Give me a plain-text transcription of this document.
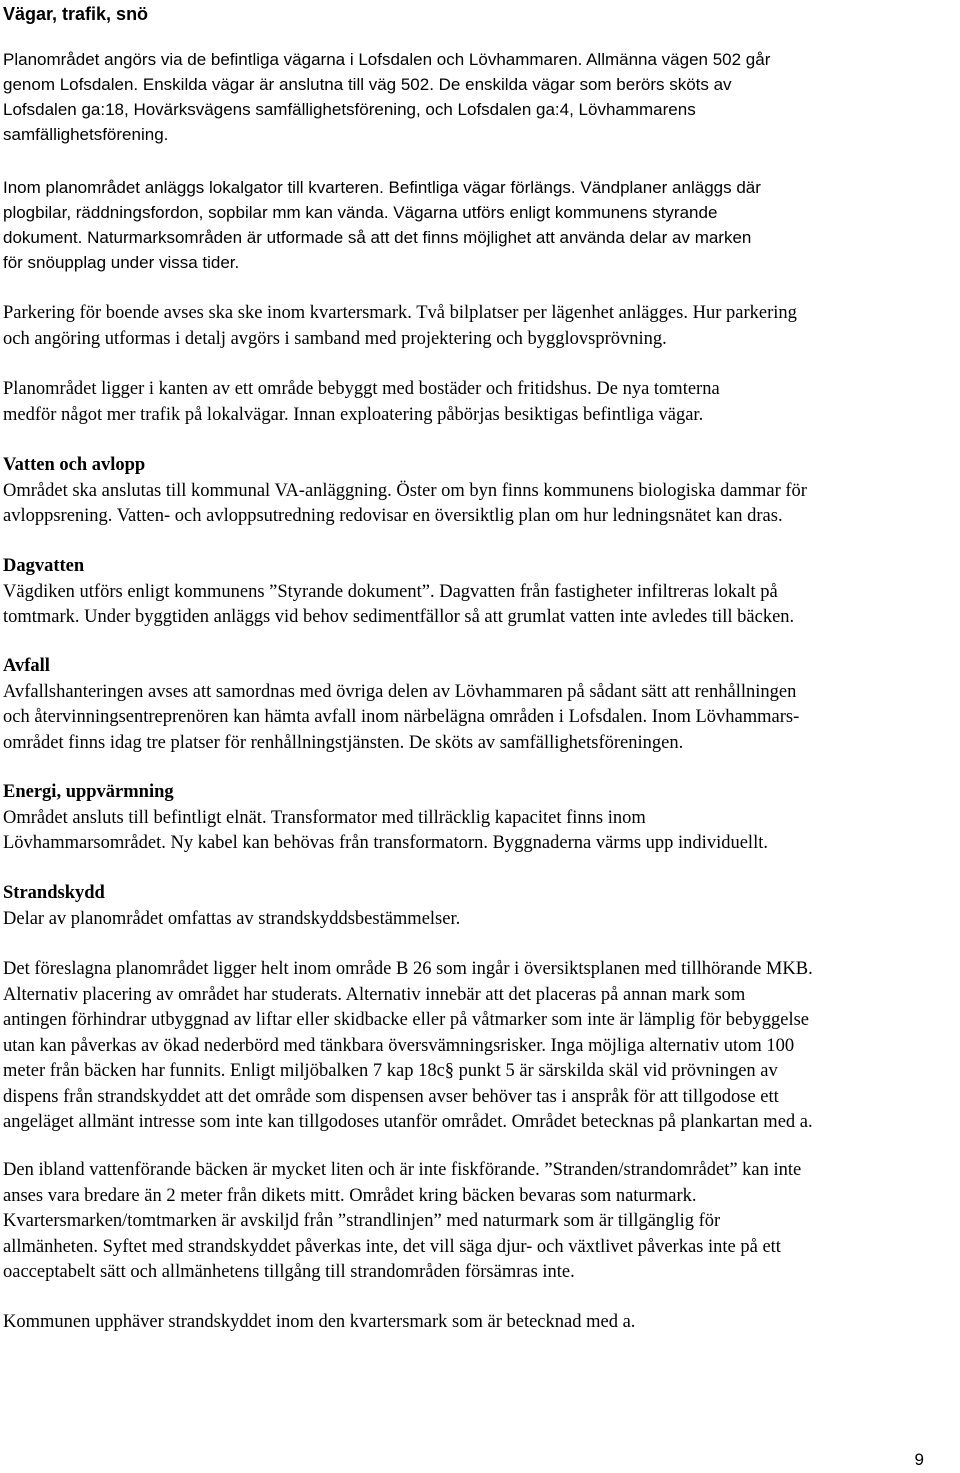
Vägar, trafik, snö

Planområdet angörs via de befintliga vägarna i Lofsdalen och Lövhammaren. Allmänna vägen 502 går
genom Lofsdalen. Enskilda vägar är anslutna till väg 502. De enskilda vägar som berörs sköts av
Lofsdalen ga:18, Hovärksvägens samfällighetsförening, och Lofsdalen ga:4, Lövhammarens
samfällighetsförening.

Inom planområdet anläggs lokalgator till kvarteren. Befintliga vägar förlängs. Vändplaner anläggs där
plogbilar, räddningsfordon, sopbilar mm kan vända. Vägarna utförs enligt kommunens styrande
dokument. Naturmarksområden är utformade så att det finns möjlighet att använda delar av marken
för snöupplag under vissa tider.

Parkering för boende avses ska ske inom kvartersmark. Två bilplatser per lägenhet anlägges. Hur parkering
och angöring utformas i detalj avgörs i samband med projektering och bygglovsprövning.

Planområdet ligger i kanten av ett område bebyggt med bostäder och fritidshus. De nya tomterna
medför något mer trafik på lokalvägar. Innan exploatering påbörjas besiktigas befintliga vägar.

Vatten och avlopp
Området ska anslutas till kommunal VA-anläggning. Öster om byn finns kommunens biologiska dammar för
avloppsrening. Vatten- och avloppsutredning redovisar en översiktlig plan om hur ledningsnätet kan dras.
Dagvatten
Vägdiken utförs enligt kommunens ”Styrande dokument”. Dagvatten från fastigheter infiltreras lokalt på
tomtmark. Under byggtiden anläggs vid behov sedimentfällor så att grumlat vatten inte avledes till bäcken.
Avfall
Avfallshanteringen avses att samordnas med övriga delen av Lövhammaren på sådant sätt att renhållningen
och återvinningsentreprenören kan hämta avfall inom närbelägna områden i Lofsdalen. Inom Lövhammars-
området finns idag tre platser för renhållningstjänsten. De sköts av samfällighetsföreningen.
Energi, uppvärmning
Området ansluts till befintligt elnät. Transformator med tillräcklig kapacitet finns inom
Lövhammarsområdet. Ny kabel kan behövas från transformatorn. Byggnaderna värms upp individuellt.
Strandskydd
Delar av planområdet omfattas av strandskyddsbestämmelser.

Det föreslagna planområdet ligger helt inom område B 26 som ingår i översiktsplanen med tillhörande MKB.
Alternativ placering av området har studerats. Alternativ innebär att det placeras på annan mark som
antingen förhindrar utbyggnad av liftar eller skidbacke eller på våtmarker som inte är lämplig för bebyggelse
utan kan påverkas av ökad nederbörd med tänkbara översvämningsrisker. Inga möjliga alternativ utom 100
meter från bäcken har funnits. Enligt miljöbalken 7 kap 18c§ punkt 5 är särskilda skäl vid prövningen av
dispens från strandskyddet att det område som dispensen avser behöver tas i anspråk för att tillgodose ett
angeläget allmänt intresse som inte kan tillgodoses utanför området. Området betecknas på plankartan med a.

Den ibland vattenförande bäcken är mycket liten och är inte fiskförande. ”Stranden/strandområdet” kan inte
anses vara bredare än 2 meter från dikets mitt. Området kring bäcken bevaras som naturmark.
Kvartersmarken/tomtmarken är avskiljd från ”strandlinjen” med naturmark som är tillgänglig för
allmänheten. Syftet med strandskyddet påverkas inte, det vill säga djur- och växtlivet påverkas inte på ett
oacceptabelt sätt och allmänhetens tillgång till strandområden försämras inte.

Kommunen upphäver strandskyddet inom den kvartersmark som är betecknad med a.

9
